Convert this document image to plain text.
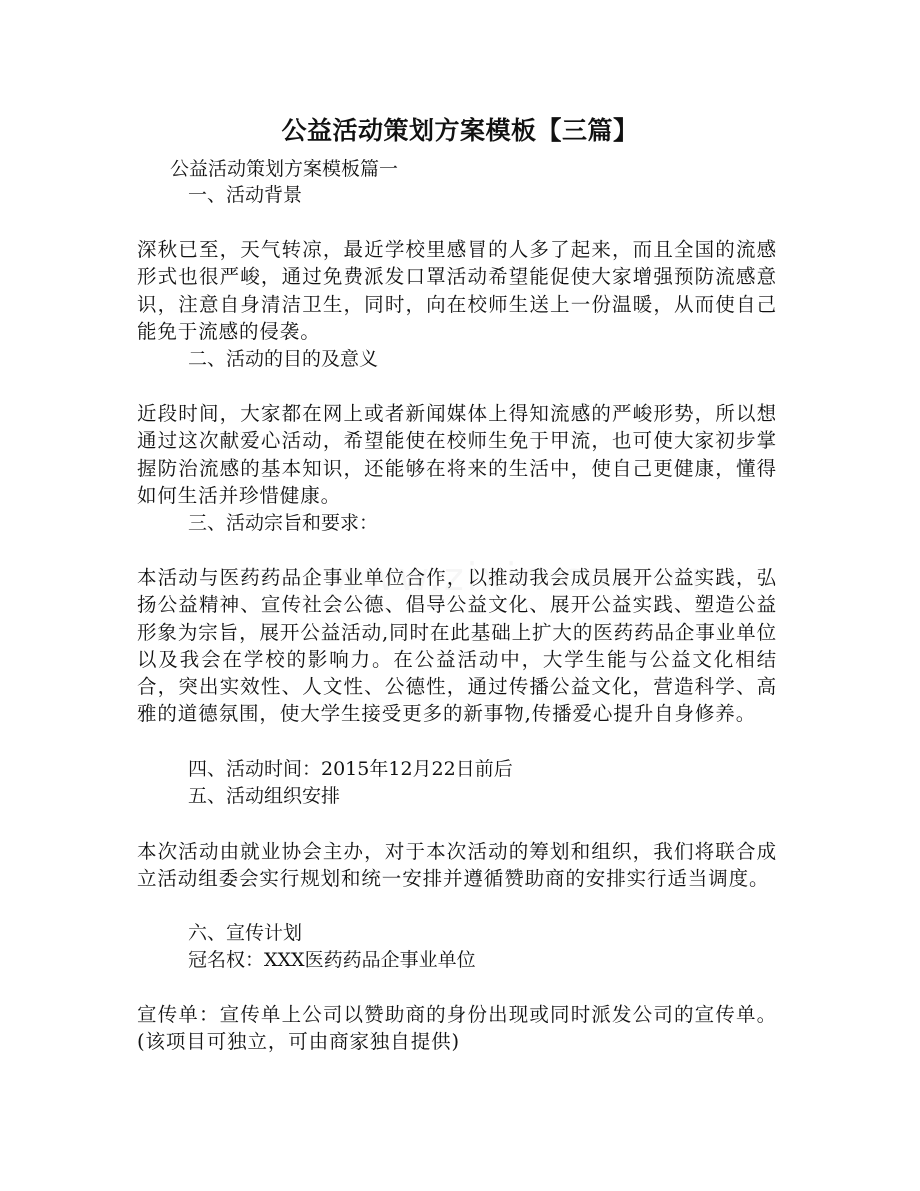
公益活动策划方案模板【三篇】
公益活动策划方案模板篇一
一、活动背景
深秋已至，天气转凉，最近学校里感冒的人多了起来，而且全国的流感形式也很严峻，通过免费派发口罩活动希望能促使大家增强预防流感意识，注意自身清洁卫生，同时，向在校师生送上一份温暖，从而使自己能免于流感的侵袭。
二、活动的目的及意义
近段时间，大家都在网上或者新闻媒体上得知流感的严峻形势，所以想通过这次献爱心活动，希望能使在校师生免于甲流，也可使大家初步掌握防治流感的基本知识，还能够在将来的生活中，使自己更健康，懂得如何生活并珍惜健康。
三、活动宗旨和要求：
本活动与医药药品企事业单位合作，以推动我会成员展开公益实践，弘扬公益精神、宣传社会公德、倡导公益文化、展开公益实践、塑造公益形象为宗旨，展开公益活动,同时在此基础上扩大的医药药品企事业单位以及我会在学校的影响力。在公益活动中，大学生能与公益文化相结合，突出实效性、人文性、公德性，通过传播公益文化，营造科学、高雅的道德氛围，使大学生接受更多的新事物,传播爱心提升自身修养。
四、活动时间：2015年12月22日前后
五、活动组织安排
本次活动由就业协会主办，对于本次活动的筹划和组织，我们将联合成立活动组委会实行规划和统一安排并遵循赞助商的安排实行适当调度。
六、宣传计划
冠名权：XXX医药药品企事业单位
宣传单：宣传单上公司以赞助商的身份出现或同时派发公司的宣传单。(该项目可独立，可由商家独自提供)
